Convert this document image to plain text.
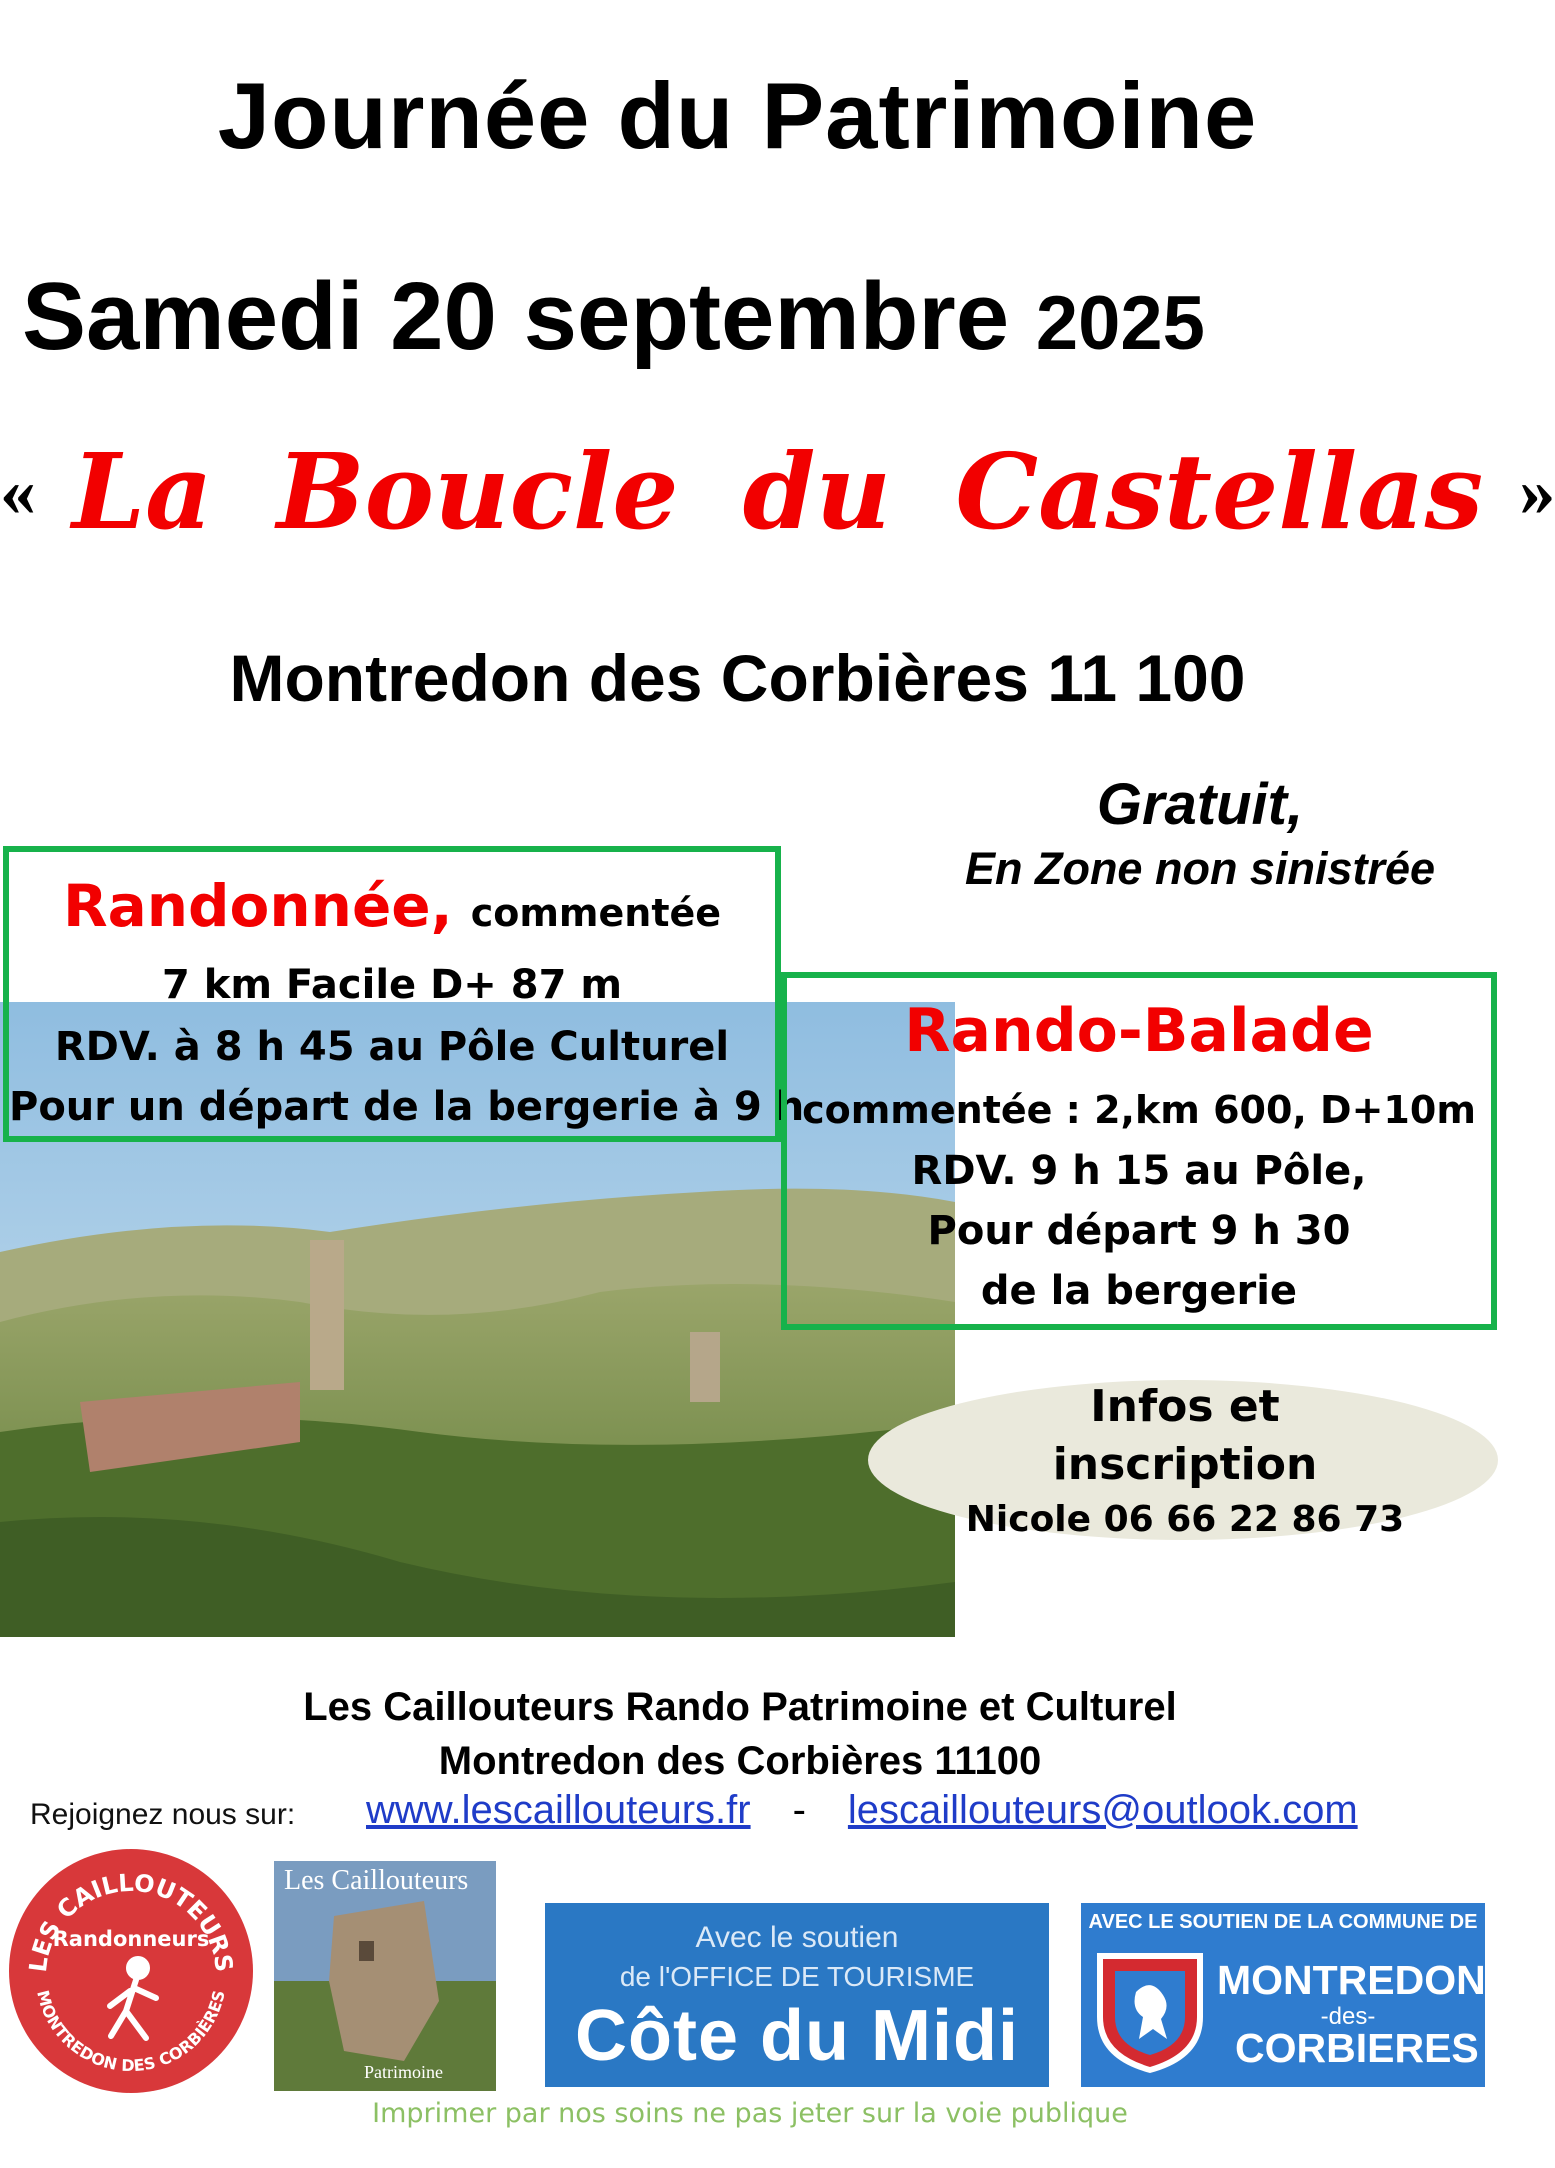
Journée du Patrimoine
Samedi 20 septembre 2025
« La Boucle du Castellas »
Montredon des Corbières 11 100
Gratuit,
En Zone non sinistrée
Randonnée, commentée
7 km Facile D+ 87 m
RDV. à 8 h 45 au Pôle Culturel
Pour un départ de la bergerie à 9 h
Rando-Balade
commentée : 2,km 600, D+10m
RDV. 9 h 15 au Pôle,
Pour départ 9 h 30
de la bergerie
Infos et
inscription
Nicole 06 66 22 86 73
Les Caillouteurs Rando Patrimoine et Culturel
Montredon des Corbières 11100
Rejoignez nous sur: www.lescaillouteurs.fr - lescaillouteurs@outlook.com
LES CAILLOUTEURS
Randonneurs
MONTREDON DES CORBIÈRES
Les Caillouteurs
Patrimoine
Avec le soutien
de l'OFFICE DE TOURISME
Côte du Midi
AVEC LE SOUTIEN DE LA COMMUNE DE
MONTREDON
-des-
CORBIERES
Imprimer par nos soins ne pas jeter sur la voie publique
